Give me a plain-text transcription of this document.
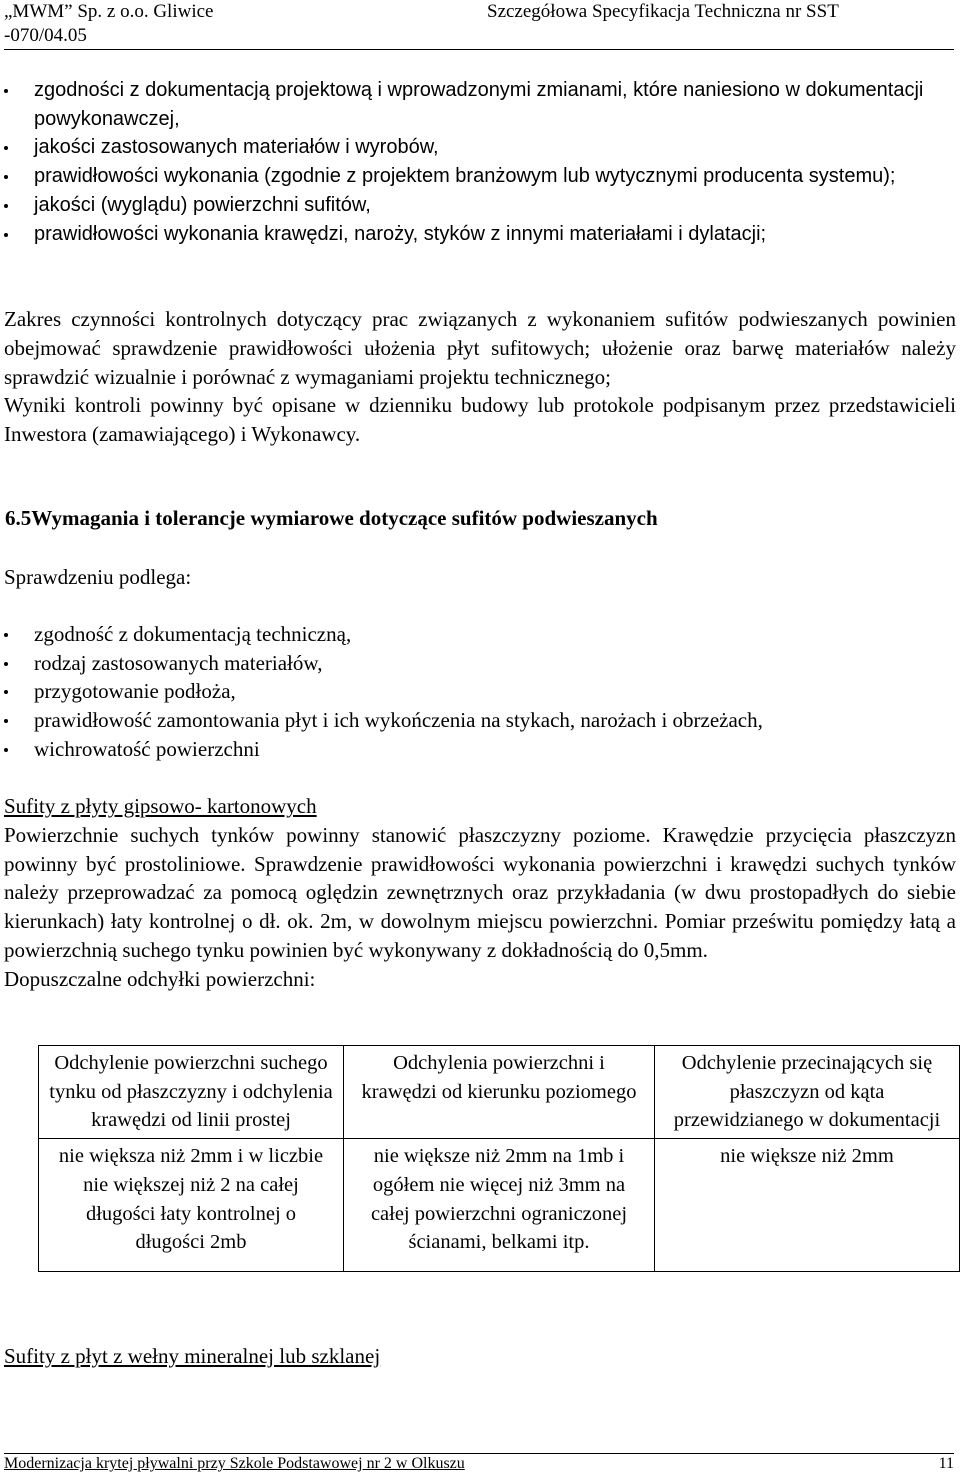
„MWM” Sp. z o.o. Gliwice
-070/04.05
Szczegółowa Specyfikacja Techniczna nr SST
zgodności z dokumentacją projektową i wprowadzonymi zmianami, które naniesiono w dokumentacji powykonawczej,
jakości zastosowanych materiałów i wyrobów,
prawidłowości wykonania (zgodnie z projektem branżowym lub wytycznymi producenta systemu);
jakości (wyglądu) powierzchni sufitów,
prawidłowości wykonania krawędzi, naroży, styków z innymi materiałami i dylatacji;

Zakres czynności kontrolnych dotyczący prac związanych z wykonaniem sufitów podwieszanych powinien obejmować sprawdzenie prawidłowości ułożenia płyt sufitowych; ułożenie oraz barwę materiałów należy sprawdzić wizualnie i porównać z wymaganiami projektu technicznego;

Wyniki kontroli powinny być opisane w dzienniku budowy lub protokole podpisanym przez przedstawicieli Inwestora (zamawiającego) i Wykonawcy.

6.5Wymagania i tolerancje wymiarowe dotyczące sufitów podwieszanych
Sprawdzeniu podlega:
zgodność z dokumentacją techniczną,
rodzaj zastosowanych materiałów,
przygotowanie podłoża,
prawidłowość zamontowania płyt i ich wykończenia na stykach, narożach i obrzeżach,
wichrowatość powierzchni
Sufity z płyty gipsowo- kartonowych

Powierzchnie suchych tynków powinny stanowić płaszczyzny poziome. Krawędzie przycięcia płaszczyzn powinny być prostoliniowe. Sprawdzenie prawidłowości wykonania powierzchni i krawędzi suchych tynków należy przeprowadzać za pomocą oględzin zewnętrznych oraz przykładania (w dwu prostopadłych do siebie kierunkach) łaty kontrolnej o dł. ok. 2m, w dowolnym miejscu powierzchni. Pomiar prześwitu pomiędzy łatą a powierzchnią suchego tynku powinien być wykonywany z dokładnością do 0,5mm.

Dopuszczalne odchyłki powierzchni:
Odchylenie powierzchni suchego tynku od płaszczyzny i odchylenia krawędzi od linii prostej	Odchylenia powierzchni i krawędzi od kierunku poziomego	Odchylenie przecinających się płaszczyzn od kąta przewidzianego w dokumentacji
nie większa niż 2mm i w liczbie nie większej niż 2 na całej długości łaty kontrolnej o długości 2mb	nie większe niż 2mm na 1mb i ogółem nie więcej niż 3mm na całej powierzchni ograniczonej ścianami, belkami itp.	nie większe niż 2mm
Sufity z płyt z wełny mineralnej lub szklanej
Modernizacja krytej pływalni przy Szkole Podstawowej nr 2 w Olkuszu	11
